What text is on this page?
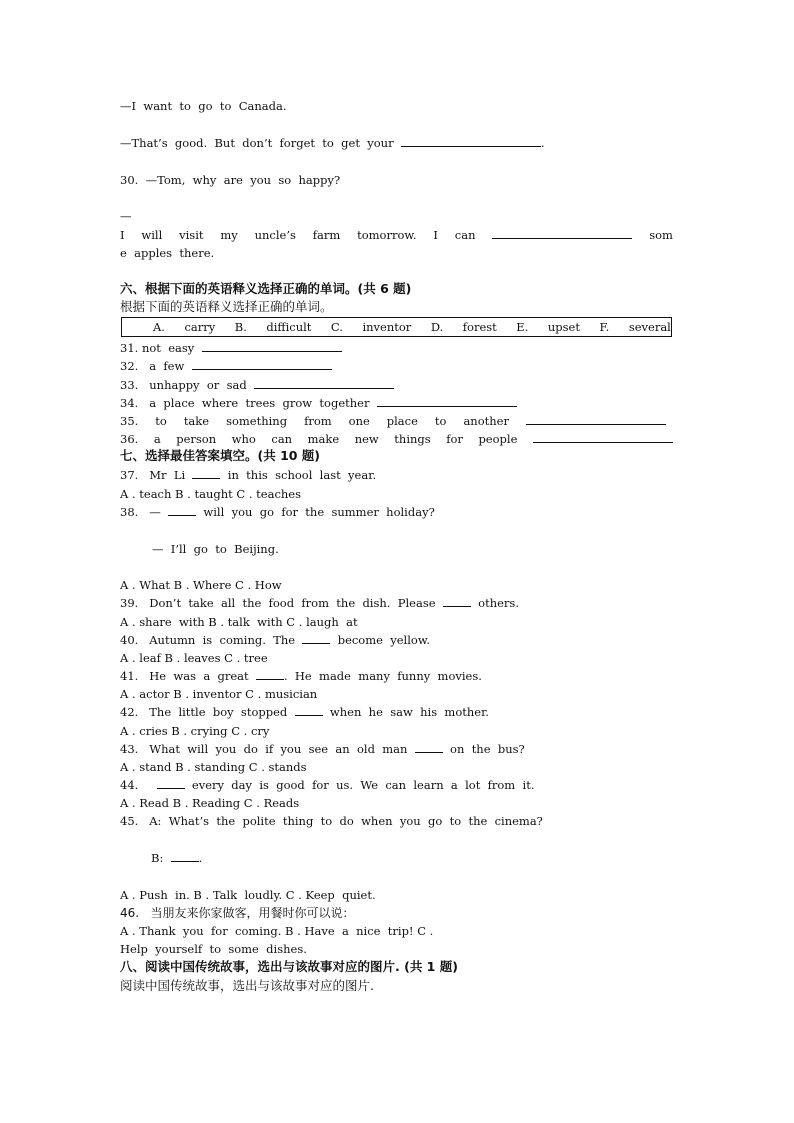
—I  want  to  go  to  Canada.
—That’s  good.  But  don’t  forget  to  get  your	.
30.  —Tom,  why  are  you  so  happy?
—
I will visit my uncle’s farm tomorrow. I can	som
e  apples  there.
六、根据下面的英语释义选择正确的单词。(共 6 题)
根据下面的英语释义选择正确的单词。
A. carry B. difficult C. inventor D. forest E. upset F. several
31. not  easy
32.   a  few
33.   unhappy  or  sad
34.   a  place  where  trees  grow  together
35. to take something from one place to another
36. a person who can make new things for people
七、选择最佳答案填空。(共 10 题)
37.   Mr  Li	in  this  school  last  year.
A . teach B . taught C . teaches
38.   —	will  you  go  for  the  summer  holiday?
—  I’ll  go  to  Beijing.
A . What B . Where C . How
39.   Don’t  take  all  the  food  from  the  dish.  Please	others.
A . share  with B . talk  with C . laugh  at
40.   Autumn  is  coming.  The	become  yellow.
A . leaf B . leaves C . tree
41.   He  was  a  great	.  He  made  many  funny  movies.
A . actor B . inventor C . musician
42.   The  little  boy  stopped	when  he  saw  his  mother.
A . cries B . crying C . cry
43.   What  will  you  do  if  you  see  an  old  man	on  the  bus?
A . stand B . standing C . stands
44.	every  day  is  good  for  us.  We  can  learn  a  lot  from  it.
A . Read B . Reading C . Reads
45.   A:  What’s  the  polite  thing  to  do  when  you  go  to  the  cinema?
B:	.
A . Push  in. B . Talk  loudly. C . Keep  quiet.
46.   当朋友来你家做客，用餐时你可以说：
A . Thank  you  for  coming. B . Have  a  nice  trip! C .
Help  yourself  to  some  dishes.
八、阅读中国传统故事，选出与该故事对应的图片. (共 1 题)
阅读中国传统故事，选出与该故事对应的图片.
